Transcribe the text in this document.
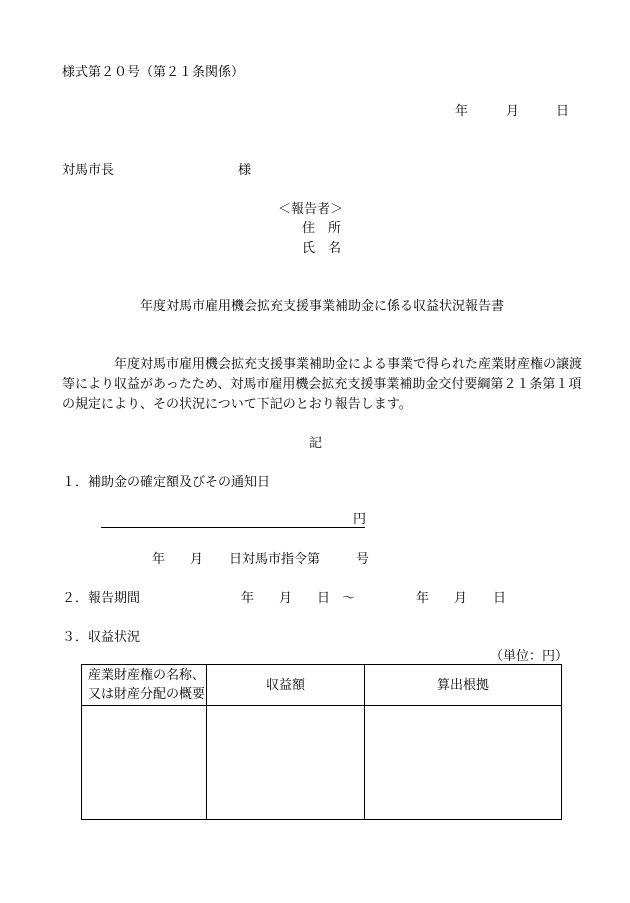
様式第２０号（第２１条関係）
年	月	日
対馬市長	様
＜報告者＞
住　所
氏　名
年度対馬市雇用機会拡充支援事業補助金に係る収益状況報告書
年度対馬市雇用機会拡充支援事業補助金による事業で得られた産業財産権の譲渡
等により収益があったため、対馬市雇用機会拡充支援事業補助金交付要綱第２１条第１項
の規定により、その状況について下記のとおり報告します。
記
１．補助金の確定額及びその通知日
円
年 月 日対馬市指令第	号
２．報告期間	年 月 日 ～	年 月 日
３．収益状況
（単位：円）
産業財産権の名称、
又は財産分配の概要	収益額	算出根拠
